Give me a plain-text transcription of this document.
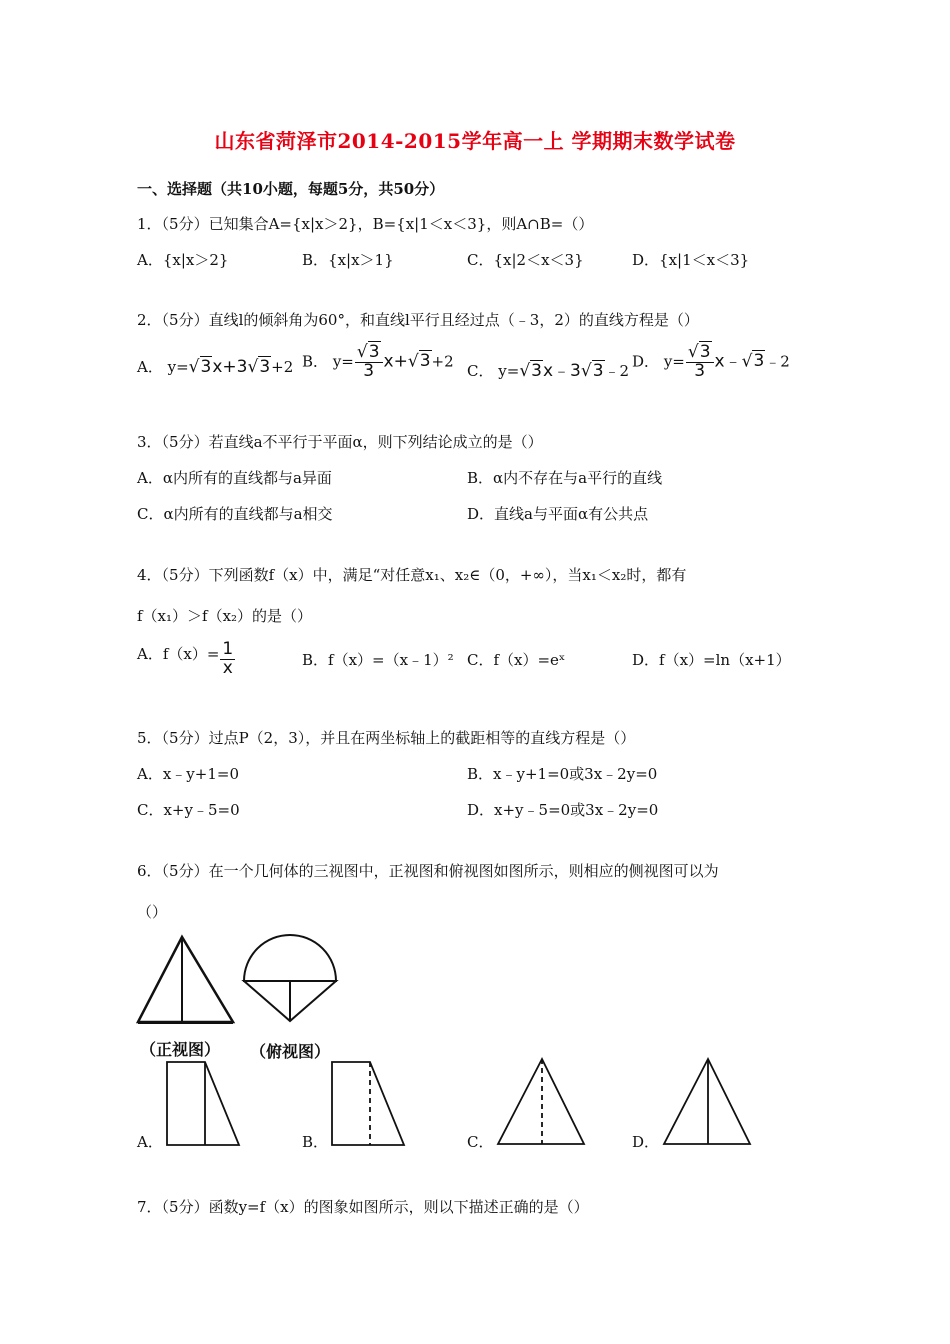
山东省菏泽市2014-2015学年高一上 学期期末数学试卷
一、选择题（共10小题，每题5分，共50分）
1．（5分）已知集合A={x|x＞2}，B={x|1＜x＜3}，则A∩B=（）
A．{x|x＞2}	B．{x|x＞1}	C．{x|2＜x＜3}	D．{x|1＜x＜3}
2．（5分）直线l的倾斜角为60°，和直线l平行且经过点（﹣3，2）的直线方程是（）
A． y=√3x+3√3+2 B． $y= \frac{√3}{3} x+√3+2$
C． y=√3x﹣3√3﹣2
D． $y= \frac{√3}{3}$ x﹣√3﹣2
3．（5分）若直线a不平行于平面α，则下列结论成立的是（）
A．α内所有的直线都与a异面	B．α内不存在与a平行的直线
C．α内所有的直线都与a相交	D．直线a与平面α有公共点
4．（5分）下列函数f（x）中，满足“对任意x₁、x₂∈（0，+∞），当x₁＜x₂时，都有
f（x₁）＞f（x₂）的是（）
A．$f(x)= \frac{1}{x}$	B．f（x）=（x﹣1）² C．f（x）=eˣ	D．f（x）=ln（x+1）
5．（5分）过点P（2，3），并且在两坐标轴上的截距相等的直线方程是（）
A．x﹣y+1=0	B．x﹣y+1=0或3x﹣2y=0
C．x+y﹣5=0	D．x+y﹣5=0或3x﹣2y=0
6．（5分）在一个几何体的三视图中，正视图和俯视图如图所示，则相应的侧视图可以为
（）
（正视图） （俯视图）
A．	B．	C．	D．
7．（5分）函数y=f（x）的图象如图所示，则以下描述正确的是（）
